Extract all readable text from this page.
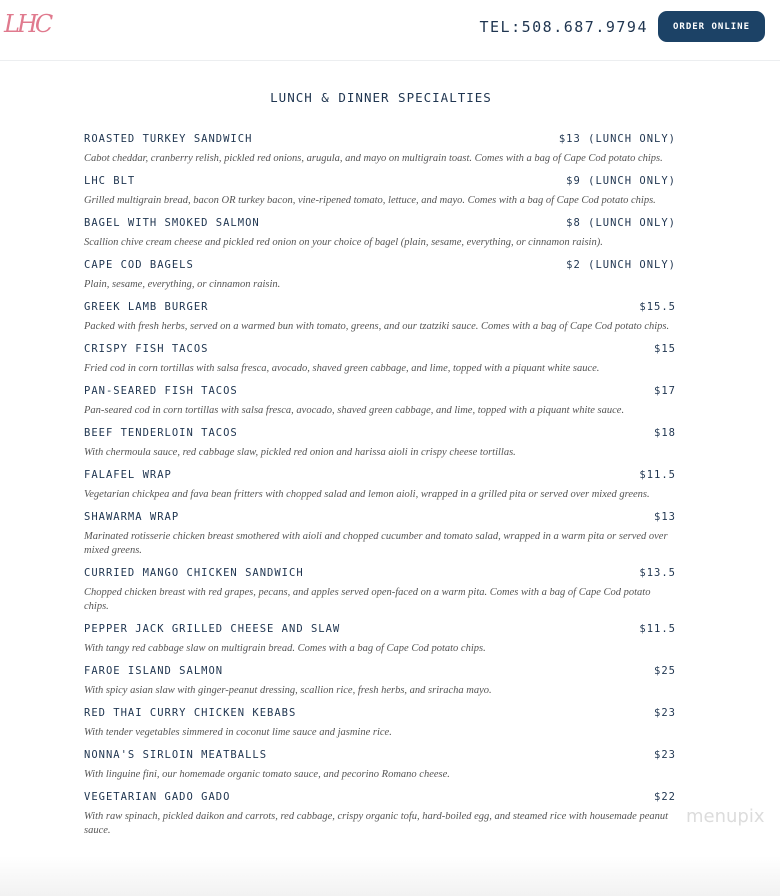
LHC	TEL:508.687.9794	ORDER ONLINE
LUNCH & DINNER SPECIALTIES
ROASTED TURKEY SANDWICH	$13 (LUNCH ONLY)
Cabot cheddar, cranberry relish, pickled red onions, arugula, and mayo on multigrain toast. Comes with a bag of Cape Cod potato chips.
LHC BLT	$9 (LUNCH ONLY)
Grilled multigrain bread, bacon OR turkey bacon, vine-ripened tomato, lettuce, and mayo. Comes with a bag of Cape Cod potato chips.
BAGEL WITH SMOKED SALMON	$8 (LUNCH ONLY)
Scallion chive cream cheese and pickled red onion on your choice of bagel (plain, sesame, everything, or cinnamon raisin).
CAPE COD BAGELS	$2 (LUNCH ONLY)
Plain, sesame, everything, or cinnamon raisin.
GREEK LAMB BURGER	$15.5
Packed with fresh herbs, served on a warmed bun with tomato, greens, and our tzatziki sauce. Comes with a bag of Cape Cod potato chips.
CRISPY FISH TACOS	$15
Fried cod in corn tortillas with salsa fresca, avocado, shaved green cabbage, and lime, topped with a piquant white sauce.
PAN-SEARED FISH TACOS	$17
Pan-seared cod in corn tortillas with salsa fresca, avocado, shaved green cabbage, and lime, topped with a piquant white sauce.
BEEF TENDERLOIN TACOS	$18
With chermoula sauce, red cabbage slaw, pickled red onion and harissa aioli in crispy cheese tortillas.
FALAFEL WRAP	$11.5
Vegetarian chickpea and fava bean fritters with chopped salad and lemon aioli, wrapped in a grilled pita or served over mixed greens.
SHAWARMA WRAP	$13
Marinated rotisserie chicken breast smothered with aioli and chopped cucumber and tomato salad, wrapped in a warm pita or served over mixed greens.
CURRIED MANGO CHICKEN SANDWICH	$13.5
Chopped chicken breast with red grapes, pecans, and apples served open-faced on a warm pita. Comes with a bag of Cape Cod potato chips.
PEPPER JACK GRILLED CHEESE AND SLAW	$11.5
With tangy red cabbage slaw on multigrain bread. Comes with a bag of Cape Cod potato chips.
FAROE ISLAND SALMON	$25
With spicy asian slaw with ginger-peanut dressing, scallion rice, fresh herbs, and sriracha mayo.
RED THAI CURRY CHICKEN KEBABS	$23
With tender vegetables simmered in coconut lime sauce and jasmine rice.
NONNA'S SIRLOIN MEATBALLS	$23
With linguine fini, our homemade organic tomato sauce, and pecorino Romano cheese.
VEGETARIAN GADO GADO	$22
With raw spinach, pickled daikon and carrots, red cabbage, crispy organic tofu, hard-boiled egg, and steamed rice with housemade peanut sauce.
menupix
